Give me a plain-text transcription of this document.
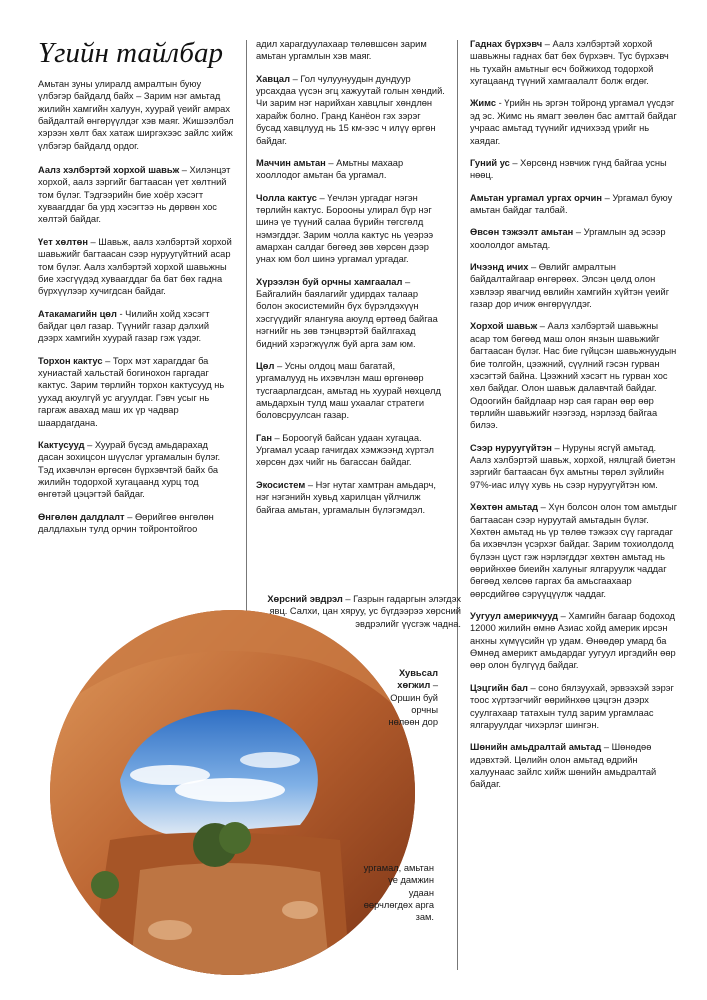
Үгийн тайлбар

Амьтан зуны улиралд амралтын буюу үлбэгэр байдалд байх – Зарим нэг амьтад жилийн хамгийн халуун, хуурай үеийг амрах байдалтай өнгөрүүлдэг хэв маяг. Жишээлбэл хэрээн хөлт бах хатаж ширгэхээс зайлс хийж үлбэгэр байдалд ордог.

Аалз хэлбэртэй хорхой шавьж – Хилэнцэт хорхой, аалз зэргийг багтаасан үет хөлтний том бүлэг. Тэдгээрийн бие хоёр хэсэгт хуваагддаг ба урд хэсэгтээ нь дөрвөн хос хөлтэй байдаг.

Үет хөлтөн – Шавьж, аалз хэлбэртэй хорхой шавьжийг багтаасан сээр нуруугүйтний асар том бүлэг. Аалз хэлбэртэй хорхой шавьжны бие хэсгүүдэд хуваагддаг ба бат бөх гадна бүрхүүлээр хучигдсан байдаг.

Атакамагийн цөл - Чилийн хойд хэсэгт байдаг цөл газар. Түүнийг газар дэлхий дээрх хамгийн хуурай газар гэж үздэг.

Торхон кактус – Торх мэт харагддаг ба хуниастай хальстай богинохон гаргадаг кактус. Зарим төрлийн торхон кактусууд нь уухад аюулгүй ус агуулдаг. Гэвч усыг нь гаргаж авахад маш их үр чадвар шаардагдана.

Кактусууд – Хуурай бүсэд амьдарахад дасан зохицсон шүүслэг ургамалын бүлэг. Тэд ихэвчлэн өргөсөн бүрхэвчтэй байх ба жилийн тодорхой хугацаанд хурц тод өнгөтэй цэцэгтэй байдаг.

Өнгөлөн далдлалт – Өөрийгөө өнгөлөн далдлахын тулд орчин тойронтойгоо

адил харагдуулахаар төлөвшсөн зарим амьтан ургамлын хэв маяг.

Хавцал – Гол чулуунуудын дундуур урсахдаа үүсэн эгц хажуутай голын хөндий. Чи зарим нэг нарийхан хавцлыг хөндлөн харайж болно. Гранд Канёон гэх зэрэг бусад хавцлууд нь 15 км-ээс ч илүү өргөн байдаг.

Маччин амьтан – Амьтны махаар хооллодог амьтан ба ургамал.

Чолла кактус – Үечлэн ургадаг нэгэн төрлийн кактус. Борооны улирал бүр нэг шинэ үе түүний салаа бүрийн төгсгөлд нэмэгддэг. Зарим чолла кактус нь үеэрээ амархан салдаг бөгөөд зөв хөрсөн дээр унах юм бол шинэ ургамал ургадаг.

Хүрээлэн буй орчны хамгаалал – Байгалийн баялагийг удирдах талаар болон экосистемийн бүх бүрэлдэхүүн хэсгүүдийг ялангуяа аюулд өртөөд байгаа нэгнийг нь зөв тэнцвэртэй байлгахад бидний хэрэгжүүлж буй арга зам юм.

Цөл – Усны олдоц маш багатай, ургамалууд нь ихэвчлэн маш өргөнөөр тусгаарлагдсан, амьтад нь хуурай нөхцөлд амьдархын тулд маш ухаалаг стратеги боловсруулсан газар.

Ган – Бороогүй байсан удаан хугацаа. Ургамал усаар гачигдах хэмжээнд хүртэл хөрсөн дэх чийг нь багассан байдаг.

Экосистем – Нэг нутаг хамтран амьдарч, нэг нэгэнийн хувьд харилцан үйлчилж байгаа амьтан, ургамалын бүлэгэмдэл.

Гаднах бүрхэвч – Аалз хэлбэртэй хорхой шавьжны гаднах бат бөх бүрхэвч. Тус бүрхэвч нь тухайн амьтныг өсч бойжиход тодорхой хугацаанд түүний хамгаалалт болж өгдөг.

Жимс - Үрийн нь эргэн тойронд ургамал үүсдэг эд эс. Жимс нь ямагт зөөлөн бас амттай байдаг учраас амьтад түүнийг идчихээд үрийг нь хаядаг.

Гуний ус – Хөрсөнд нэвчиж гүнд байгаа усны нөөц.

Амьтан ургамал ургах орчин – Ургамал буюу амьтан байдаг талбай.

Өвсөн тэжээлт амьтан – Ургамлын эд эсээр хоололдог амьтад.

Ичээнд ичих – Өвлийг амралтын байдалтайгаар өнгөрөөх. Элсэн цөлд олон хэвлээр явагчид өвлийн хамгийн хүйтэн үеийг газар дор ичиж өнгөрүүлдэг.

Хорхой шавьж – Аалз хэлбэртэй шавьжны асар том бөгөөд маш олон янзын шавьжийг багтаасан бүлэг. Нас бие гүйцсэн шавьжнуудын бие толгойн, цээжний, сүүлний гэсэн гурван хэсэгтэй байна. Цээжний хэсэгт нь гурван хос хөл байдаг. Олон шавьж далавчтай байдаг. Одоогийн байдлаар нэр сая гаран өөр өөр төрлийн шавьжийг нээгээд, нэрлээд байгаа билээ.

Сээр нуруугүйтэн – Нуруны ясгүй амьтад. Аалз хэлбэртэй шавьж, хорхой, нялцгай биетэн зэргийг багтаасан бүх амьтны төрөл зүйлийн 97%-иас илүү хувь нь сээр нуруугүйтэн юм.

Хөхтөн амьтад – Хүн болсон олон том амьтдыг багтаасан сээр нуруутай амьтадын бүлэг. Хөхтөн амьтад нь үр төлөө тэжээх сүү гаргадаг ба ихэвчлэн үсэрхэг байдаг. Зарим тохиолдолд бүлээн цуст гэж нэрлэгддэг хөхтөн амьтад нь өөрийнхөө биеийн халуныг ялгаруулж чаддаг бөгөөд хөлсөө гаргах ба амьсгаахаар өөрсдийгөө сэрүүцүүлж чаддаг.

Уугуул америкчууд – Хамгийн багаар бодоход 12000 жилийн өмнө Азиас хойд америк ирсэн анхны хүмүүсийн үр удам. Өнөөдөр умард ба Өмнөд америкт амьдардаг уугуул иргэдийн өөр өөр олон бүлгүүд байдаг.

Цэцгийн бал – соно бялзуухай, эрвээхэй зэрэг тоос хүртээгчийг өөрийнхөө цэцгэн дээрх суулгахаар татахын тулд зарим ургамлаас ялгаруулдаг чихэрлэг шингэн.

Шөнийн амьдралтай амьтад – Шөнөдөө идэвхтэй. Цөлийн олон амьтад өдрийн халуунаас зайлс хийж шөнийн амьдралтай байдаг.

Хөрсний эвдрэл – Газрын гадаргын элэгдэх явц. Салхи, цан хяруу, ус бүгдээрээ хөрсний эвдрэлийг үүсгэж чадна.
Хувьсал хөгжил – Оршин буй орчны нөлөөн дор
ургамал, амьтан үе дамжин удаан өөрчлөгдөх арга зам.
